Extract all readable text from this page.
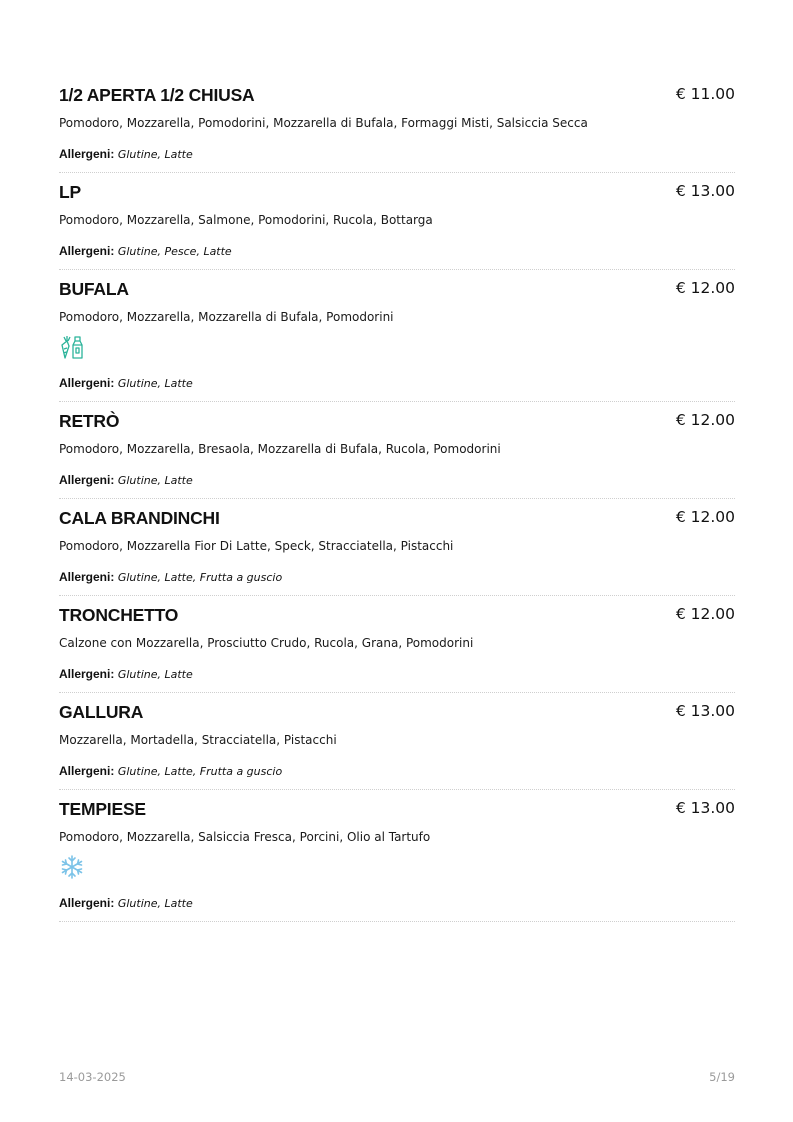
1/2 APERTA 1/2 CHIUSA	€ 11.00
Pomodoro, Mozzarella, Pomodorini, Mozzarella di Bufala, Formaggi Misti, Salsiccia Secca
Allergeni: Glutine, Latte
LP	€ 13.00
Pomodoro, Mozzarella, Salmone, Pomodorini, Rucola, Bottarga
Allergeni: Glutine, Pesce, Latte
BUFALA	€ 12.00
Pomodoro, Mozzarella, Mozzarella di Bufala, Pomodorini
Allergeni: Glutine, Latte
RETRÒ	€ 12.00
Pomodoro, Mozzarella, Bresaola, Mozzarella di Bufala, Rucola, Pomodorini
Allergeni: Glutine, Latte
CALA BRANDINCHI	€ 12.00
Pomodoro, Mozzarella Fior Di Latte, Speck, Stracciatella, Pistacchi
Allergeni: Glutine, Latte, Frutta a guscio
TRONCHETTO	€ 12.00
Calzone con Mozzarella, Prosciutto Crudo, Rucola, Grana, Pomodorini
Allergeni: Glutine, Latte
GALLURA	€ 13.00
Mozzarella, Mortadella, Stracciatella, Pistacchi
Allergeni: Glutine, Latte, Frutta a guscio
TEMPIESE	€ 13.00
Pomodoro, Mozzarella, Salsiccia Fresca, Porcini, Olio al Tartufo
Allergeni: Glutine, Latte
14-03-2025	5/19
